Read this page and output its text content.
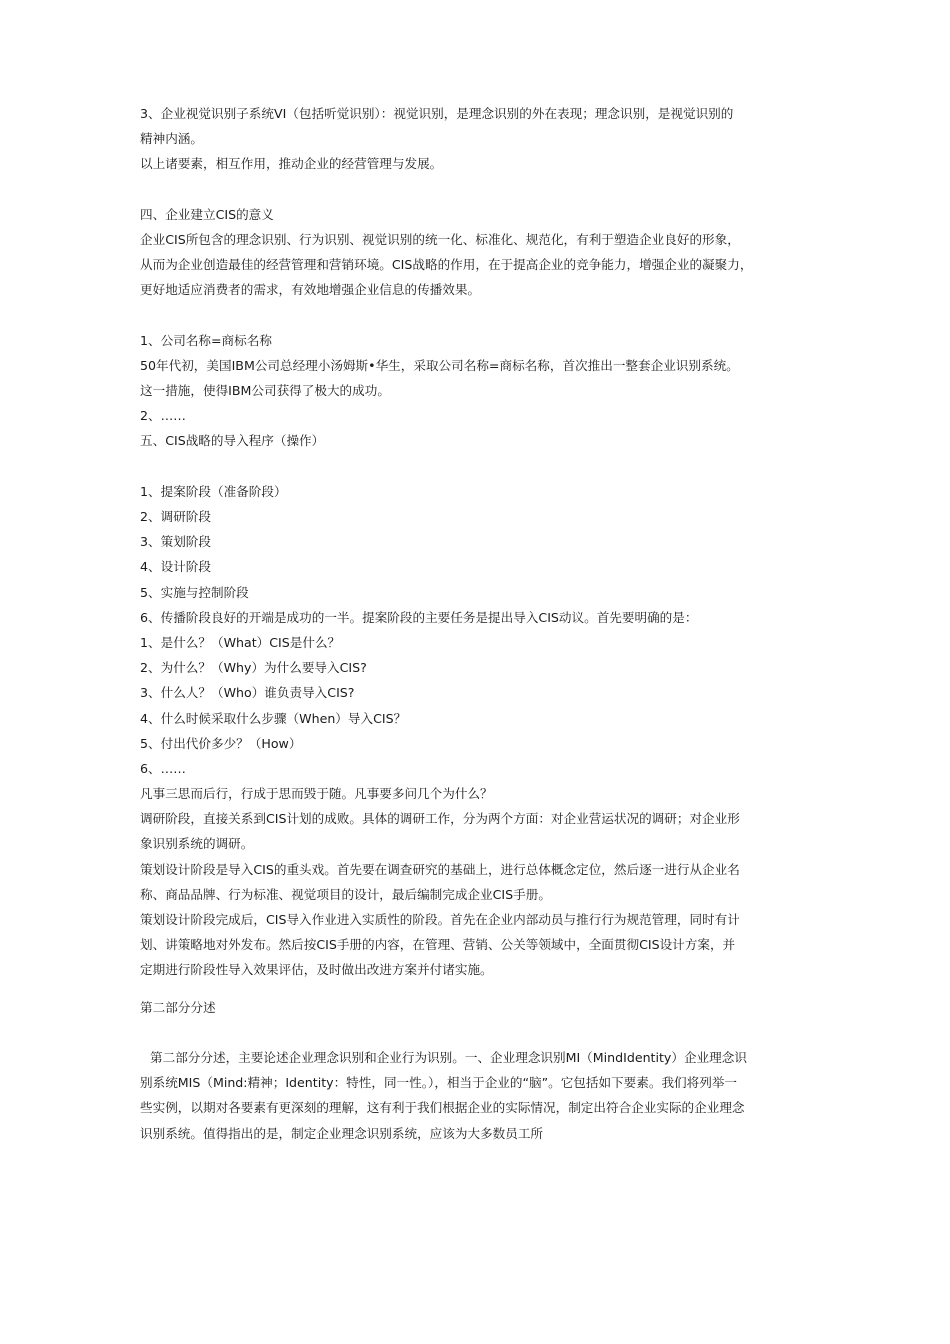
3、企业视觉识别子系统VI（包括听觉识别）：视觉识别，是理念识别的外在表现；理念识别，是视觉识别的
精神内涵。
以上诸要素，相互作用，推动企业的经营管理与发展。
四、企业建立CIS的意义
企业CIS所包含的理念识别、行为识别、视觉识别的统一化、标准化、规范化，有利于塑造企业良好的形象，
从而为企业创造最佳的经营管理和营销环境。CIS战略的作用，在于提高企业的竞争能力，增强企业的凝聚力，
更好地适应消费者的需求，有效地增强企业信息的传播效果。
1、公司名称=商标名称
50年代初，美国IBM公司总经理小汤姆斯•华生，采取公司名称=商标名称，首次推出一整套企业识别系统。
这一措施，使得IBM公司获得了极大的成功。
2、……
五、CIS战略的导入程序（操作）
1、提案阶段（准备阶段）
2、调研阶段
3、策划阶段
4、设计阶段
5、实施与控制阶段
6、传播阶段良好的开端是成功的一半。提案阶段的主要任务是提出导入CIS动议。首先要明确的是：
1、是什么？（What）CIS是什么？
2、为什么？（Why）为什么要导入CIS?
3、什么人？（Who）谁负责导入CIS?
4、什么时候采取什么步骤（When）导入CIS？
5、付出代价多少？（How）
6、……
凡事三思而后行，行成于思而毁于随。凡事要多问几个为什么？
调研阶段，直接关系到CIS计划的成败。具体的调研工作，分为两个方面：对企业营运状况的调研；对企业形
象识别系统的调研。
策划设计阶段是导入CIS的重头戏。首先要在调查研究的基础上，进行总体概念定位，然后逐一进行从企业名
称、商品品牌、行为标准、视觉项目的设计，最后编制完成企业CIS手册。
策划设计阶段完成后，CIS导入作业进入实质性的阶段。首先在企业内部动员与推行行为规范管理，同时有计
划、讲策略地对外发布。然后按CIS手册的内容，在管理、营销、公关等领域中，全面贯彻CIS设计方案，并
定期进行阶段性导入效果评估，及时做出改进方案并付诸实施。
第二部分分述
第二部分分述，主要论述企业理念识别和企业行为识别。一、企业理念识别MI（MindIdentity）企业理念识
别系统MIS（Mind:精神；Identity：特性，同一性。），相当于企业的“脑”。它包括如下要素。我们将列举一
些实例，以期对各要素有更深刻的理解，这有利于我们根据企业的实际情况，制定出符合企业实际的企业理念
识别系统。值得指出的是，制定企业理念识别系统，应该为大多数员工所
